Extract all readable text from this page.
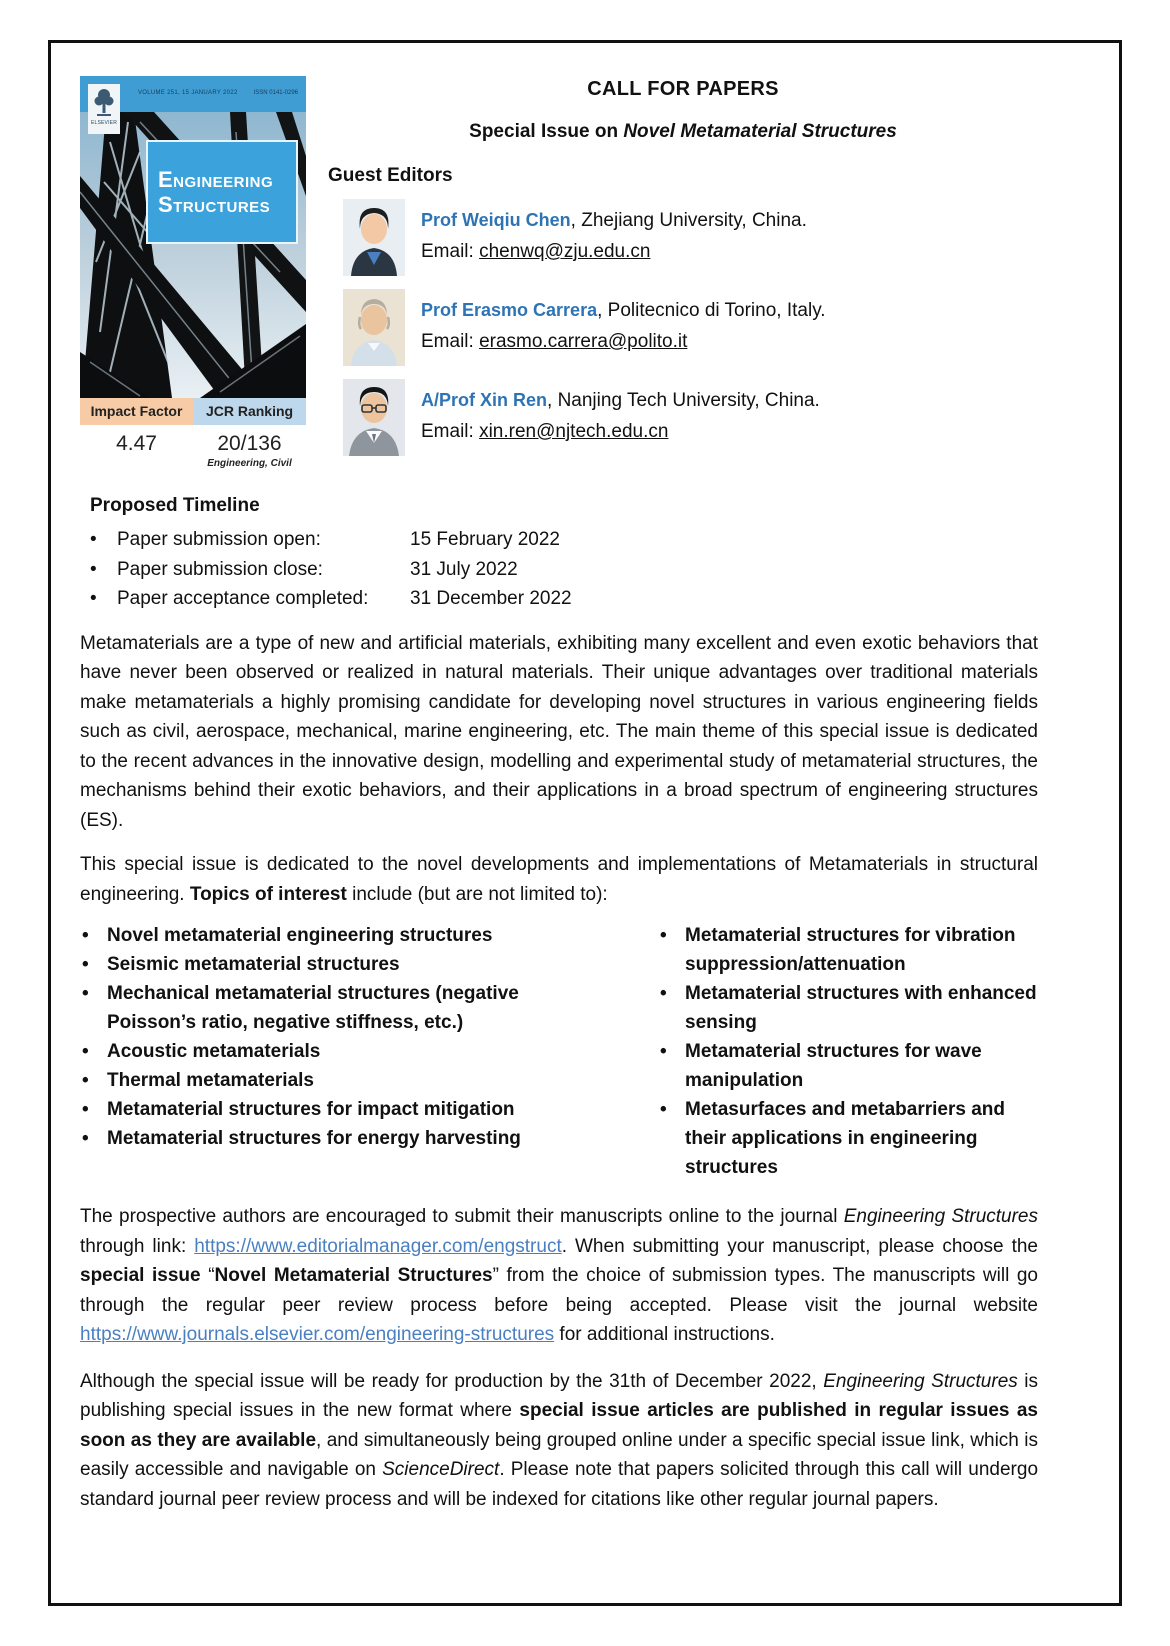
VOLUME 251, 15 JANUARY 2022	ISSN 0141-0296
Engineering
Structures
ELSEVIER
Impact Factor
4.47
JCR Ranking
20/136
Engineering, Civil
CALL FOR PAPERS
Special Issue on Novel Metamaterial Structures
Guest Editors
Prof Weiqiu Chen, Zhejiang University, China.
Email: chenwq@zju.edu.cn
Prof Erasmo Carrera, Politecnico di Torino, Italy.
Email: erasmo.carrera@polito.it
A/Prof Xin Ren, Nanjing Tech University, China.
Email: xin.ren@njtech.edu.cn
Proposed Timeline
•	Paper submission open:	15 February 2022
•	Paper submission close:	31 July 2022
•	Paper acceptance completed:	31 December 2022

Metamaterials are a type of new and artificial materials, exhibiting many excellent and even exotic behaviors that have never been observed or realized in natural materials. Their unique advantages over traditional materials make metamaterials a highly promising candidate for developing novel structures in various engineering fields such as civil, aerospace, mechanical, marine engineering, etc. The main theme of this special issue is dedicated to the recent advances in the innovative design, modelling and experimental study of metamaterial structures, the mechanisms behind their exotic behaviors, and their applications in a broad spectrum of engineering structures (ES).

This special issue is dedicated to the novel developments and implementations of Metamaterials in structural engineering. Topics of interest include (but are not limited to):

• Novel metamaterial engineering structures
• Seismic metamaterial structures
• Mechanical metamaterial structures (negative Poisson’s ratio, negative stiffness, etc.)
• Acoustic metamaterials
• Thermal metamaterials
• Metamaterial structures for impact mitigation
• Metamaterial structures for energy harvesting
• Metamaterial structures for vibration suppression/attenuation
• Metamaterial structures with enhanced sensing
• Metamaterial structures for wave manipulation
• Metasurfaces and metabarriers and their applications in engineering structures

The prospective authors are encouraged to submit their manuscripts online to the journal Engineering Structures through link: https://www.editorialmanager.com/engstruct. When submitting your manuscript, please choose the special issue “Novel Metamaterial Structures” from the choice of submission types. The manuscripts will go through the regular peer review process before being accepted. Please visit the journal website https://www.journals.elsevier.com/engineering-structures for additional instructions.

Although the special issue will be ready for production by the 31th of December 2022, Engineering Structures is publishing special issues in the new format where special issue articles are published in regular issues as soon as they are available, and simultaneously being grouped online under a specific special issue link, which is easily accessible and navigable on ScienceDirect. Please note that papers solicited through this call will undergo standard journal peer review process and will be indexed for citations like other regular journal papers.
